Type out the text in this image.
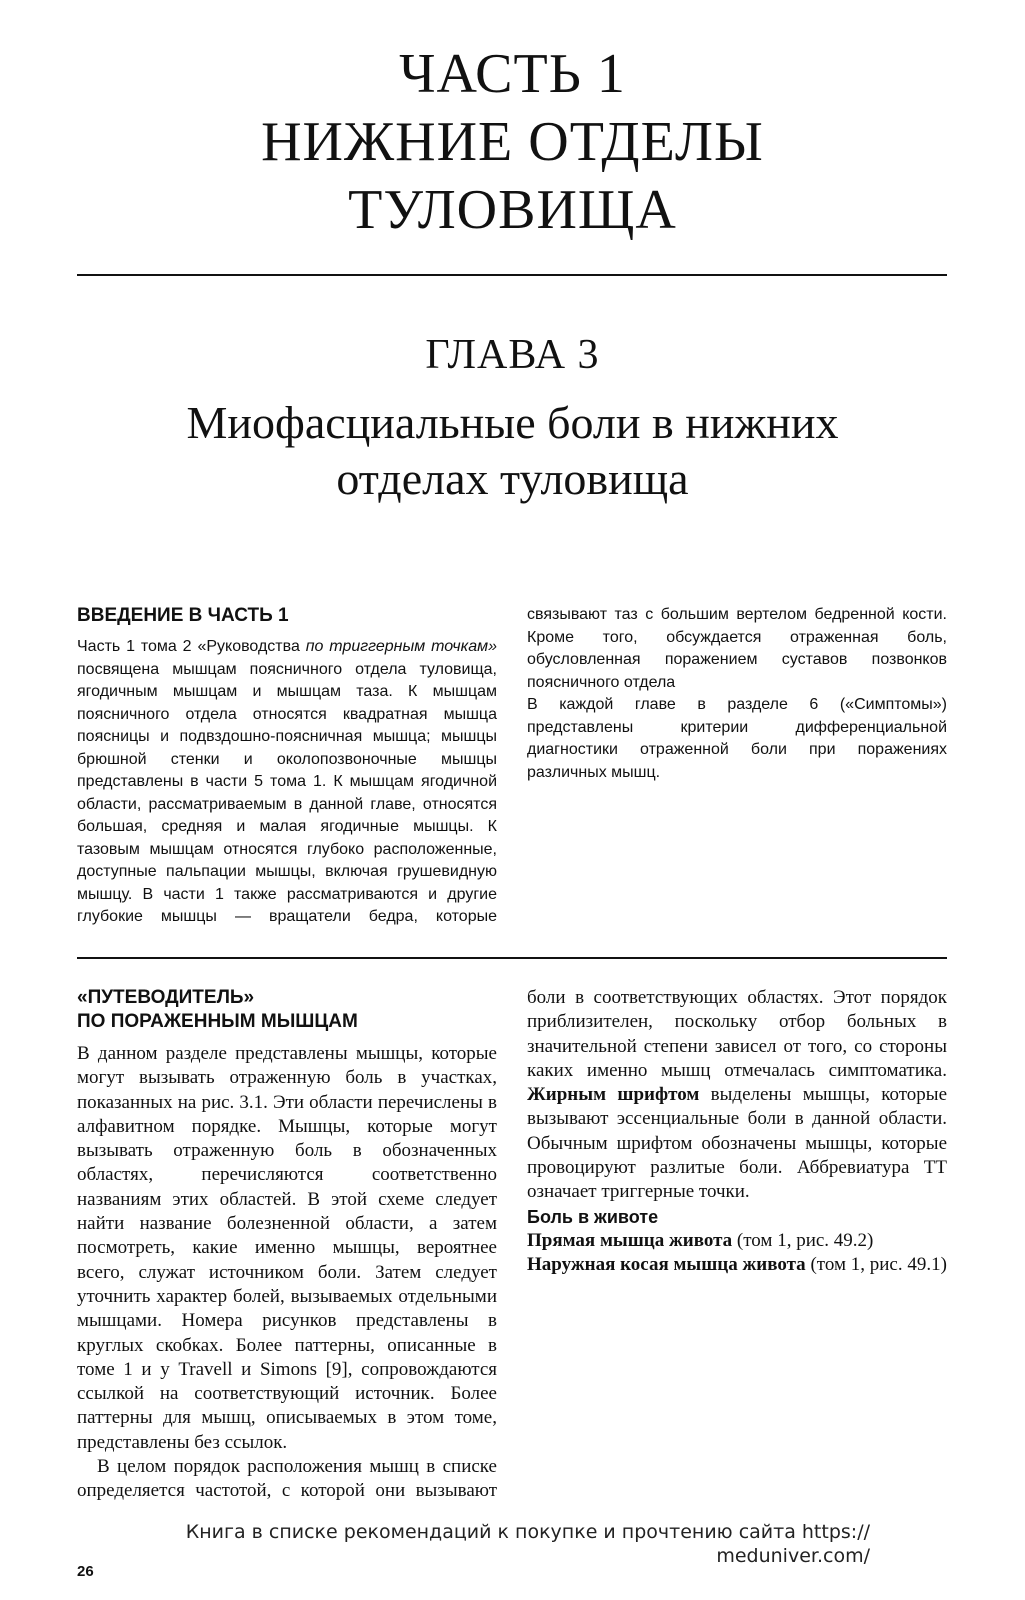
ЧАСТЬ 1
НИЖНИЕ ОТДЕЛЫ
ТУЛОВИЩА
ГЛАВА 3
Миофасциальные боли в нижних
отделах туловища

ВВЕДЕНИЕ В ЧАСТЬ 1

Часть 1 тома 2 «Руководства по триггерным точкам» посвящена мышцам поясничного отдела туловища, ягодичным мышцам и мышцам таза. К мышцам поясничного отдела относятся квадратная мышца поясницы и подвздошно-поясничная мышца; мышцы брюшной стенки и околопозвоночные мышцы представлены в части 5 тома 1. К мышцам ягодичной области, рассматриваемым в данной главе, относятся большая, средняя и малая ягодичные мышцы. К тазовым мышцам относятся глубоко расположенные, доступные пальпации мышцы, включая грушевидную мышцу. В части 1 также рассматриваются и другие глубокие мышцы — вращатели бедра, которые связывают таз с большим вертелом бедренной кости. Кроме того, обсуждается отраженная боль, обусловленная поражением суставов позвонков поясничного отдела

В каждой главе в разделе 6 («Симптомы») представлены критерии дифференциальной диагностики отраженной боли при поражениях различных мышц.

«ПУТЕВОДИТЕЛЬ»
ПО ПОРАЖЕННЫМ МЫШЦАМ

В данном разделе представлены мышцы, которые могут вызывать отраженную боль в участках, показанных на рис. 3.1. Эти области перечислены в алфавитном порядке. Мышцы, которые могут вызывать отраженную боль в обозначенных областях, перечисляются соответственно названиям этих областей. В этой схеме следует найти название болезненной области, а затем посмотреть, какие именно мышцы, вероятнее всего, служат источником боли. Затем следует уточнить характер болей, вызываемых отдельными мышцами. Номера рисунков представлены в круглых скобках. Более паттерны, описанные в томе 1 и у Travell и Simons [9], сопровождаются ссылкой на соответствующий источник. Более паттерны для мышц, описываемых в этом томе, представлены без ссылок.

В целом порядок расположения мышц в списке определяется частотой, с которой они вызывают боли в соответствующих областях. Этот порядок приблизителен, поскольку отбор больных в значительной степени зависел от того, со стороны каких именно мышц отмечалась симптоматика. Жирным шрифтом выделены мышцы, которые вызывают эссенциальные боли в данной области. Обычным шрифтом обозначены мышцы, которые провоцируют разлитые боли. Аббревиатура ТТ означает триггерные точки.

Боль в животе

Прямая мышца живота (том 1, рис. 49.2)
Наружная косая мышца живота (том 1, рис. 49.1)

26
Книга в списке рекомендаций к покупке и прочтению сайта https:// meduniver.com/
